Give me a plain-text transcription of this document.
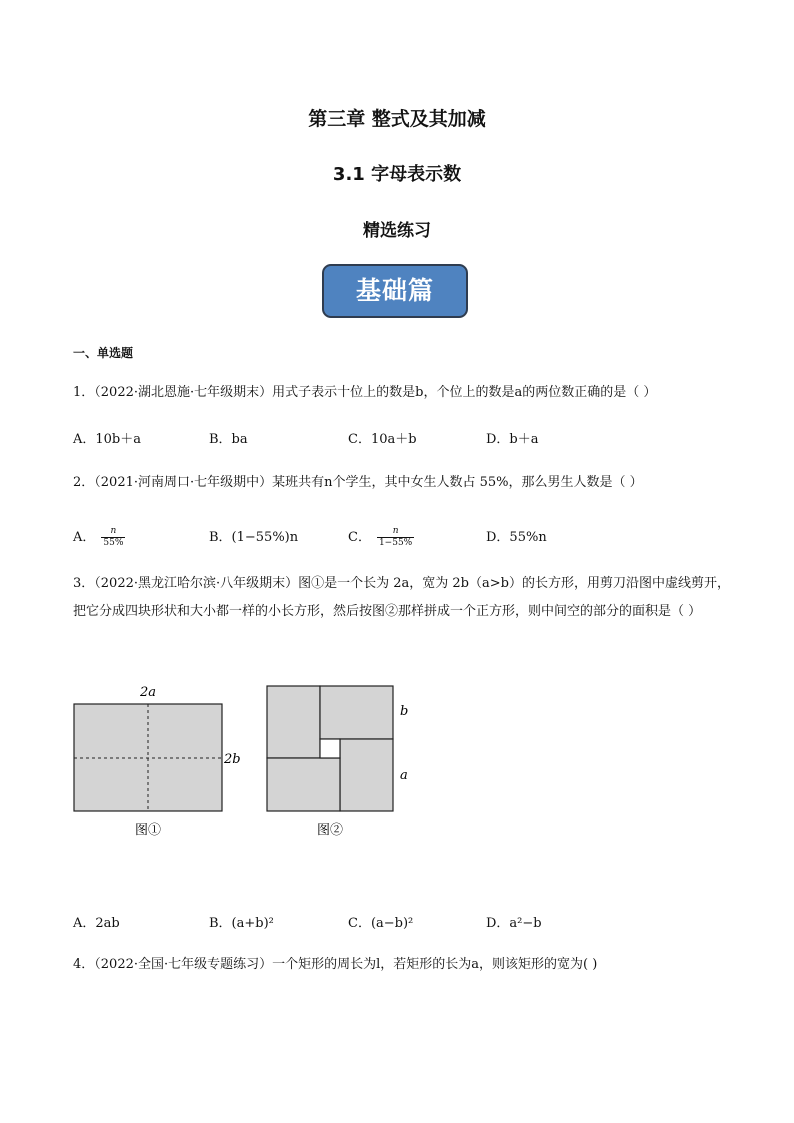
第三章 整式及其加减
3.1 字母表示数
精选练习
基础篇
一、单选题
1．（2022·湖北恩施·七年级期末）用式子表示十位上的数是b，个位上的数是a的两位数正确的是（ ）
A．10b＋a	B．ba	C．10a＋b	D．b＋a
2．（2021·河南周口·七年级期中）某班共有n个学生，其中女生人数占 55%，那么男生人数是（ ）
A． $\frac{n}{55\%}$	B．(1−55%)n	C． $\frac{n}{1-55\%}$	D．55%n
3．（2022·黑龙江哈尔滨·八年级期末）图①是一个长为 2a，宽为 2b（a>b）的长方形，用剪刀沿图中虚线剪开，把它分成四块形状和大小都一样的小长方形，然后按图②那样拼成一个正方形，则中间空的部分的面积是（ ）
2a
2b
图①
b
a
图②
A．2ab	B．(a+b)²	C．(a−b)²	D．a²−b
4．（2022·全国·七年级专题练习）一个矩形的周长为l，若矩形的长为a，则该矩形的宽为( )
